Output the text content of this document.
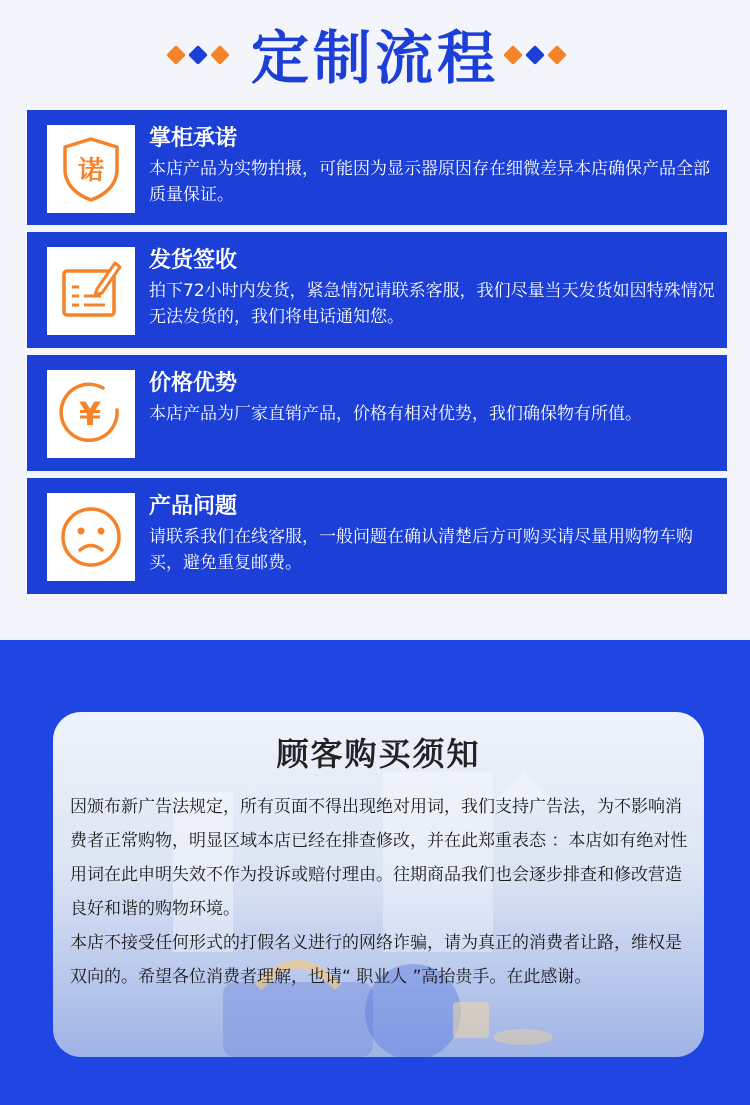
定制流程
诺
掌柜承诺
本店产品为实物拍摄，可能因为显示器原因存在细微差异本店确保产品全部质量保证。
发货签收
拍下72小时内发货，紧急情况请联系客服，我们尽量当天发货如因特殊情况无法发货的，我们将电话通知您。
¥
价格优势
本店产品为厂家直销产品，价格有相对优势，我们确保物有所值。
产品问题
请联系我们在线客服，一般问题在确认清楚后方可购买请尽量用购物车购买，避免重复邮费。
顾客购买须知

因颁布新广告法规定，所有页面不得出现绝对用词，我们支持广告法，为不影响消费者正常购物，明显区域本店已经在排查修改，并在此郑重表态 ：本店如有绝对性用词在此申明失效不作为投诉或赔付理由。往期商品我们也会逐步排查和修改营造良好和谐的购物环境。

本店不接受任何形式的打假名义进行的网络诈骗，请为真正的消费者让路，维权是双向的。希望各位消费者理解，也请“ 职业人 ”高抬贵手。在此感谢。
